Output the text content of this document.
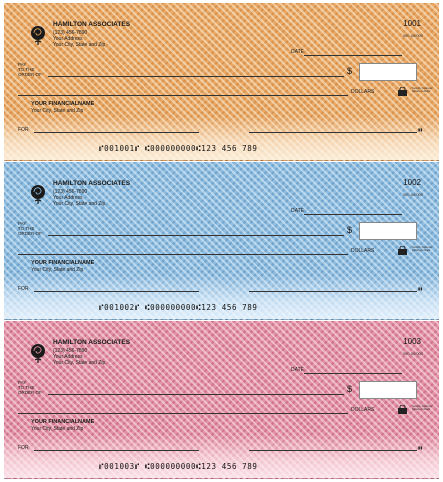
HAMILTON ASSOCIATES
(123) 456-7890
Your Address
Your City, State and Zip
1001
000-00/000
DATE
PAY
TO THE
ORDER OF	$
DOLLARS
Security Features Details on Back
YOUR FINANCIALNAME
Your City, State and Zip
FOR	▮▮
⑈001001⑈ ⑆000000000⑆123 456 789
HAMILTON ASSOCIATES
(123) 456-7890
Your Address
Your City, State and Zip
1002
000-00/000
DATE
PAY
TO THE
ORDER OF	$
DOLLARS
Security Features Details on Back
YOUR FINANCIALNAME
Your City, State and Zip
FOR	▮▮
⑈001002⑈ ⑆000000000⑆123 456 789
HAMILTON ASSOCIATES
(123) 456-7890
Your Address
Your City, State and Zip
1003
000-00/000
DATE
PAY
TO THE
ORDER OF	$
DOLLARS
Security Features Details on Back
YOUR FINANCIALNAME
Your City, State and Zip
FOR	▮▮
⑈001003⑈ ⑆000000000⑆123 456 789
